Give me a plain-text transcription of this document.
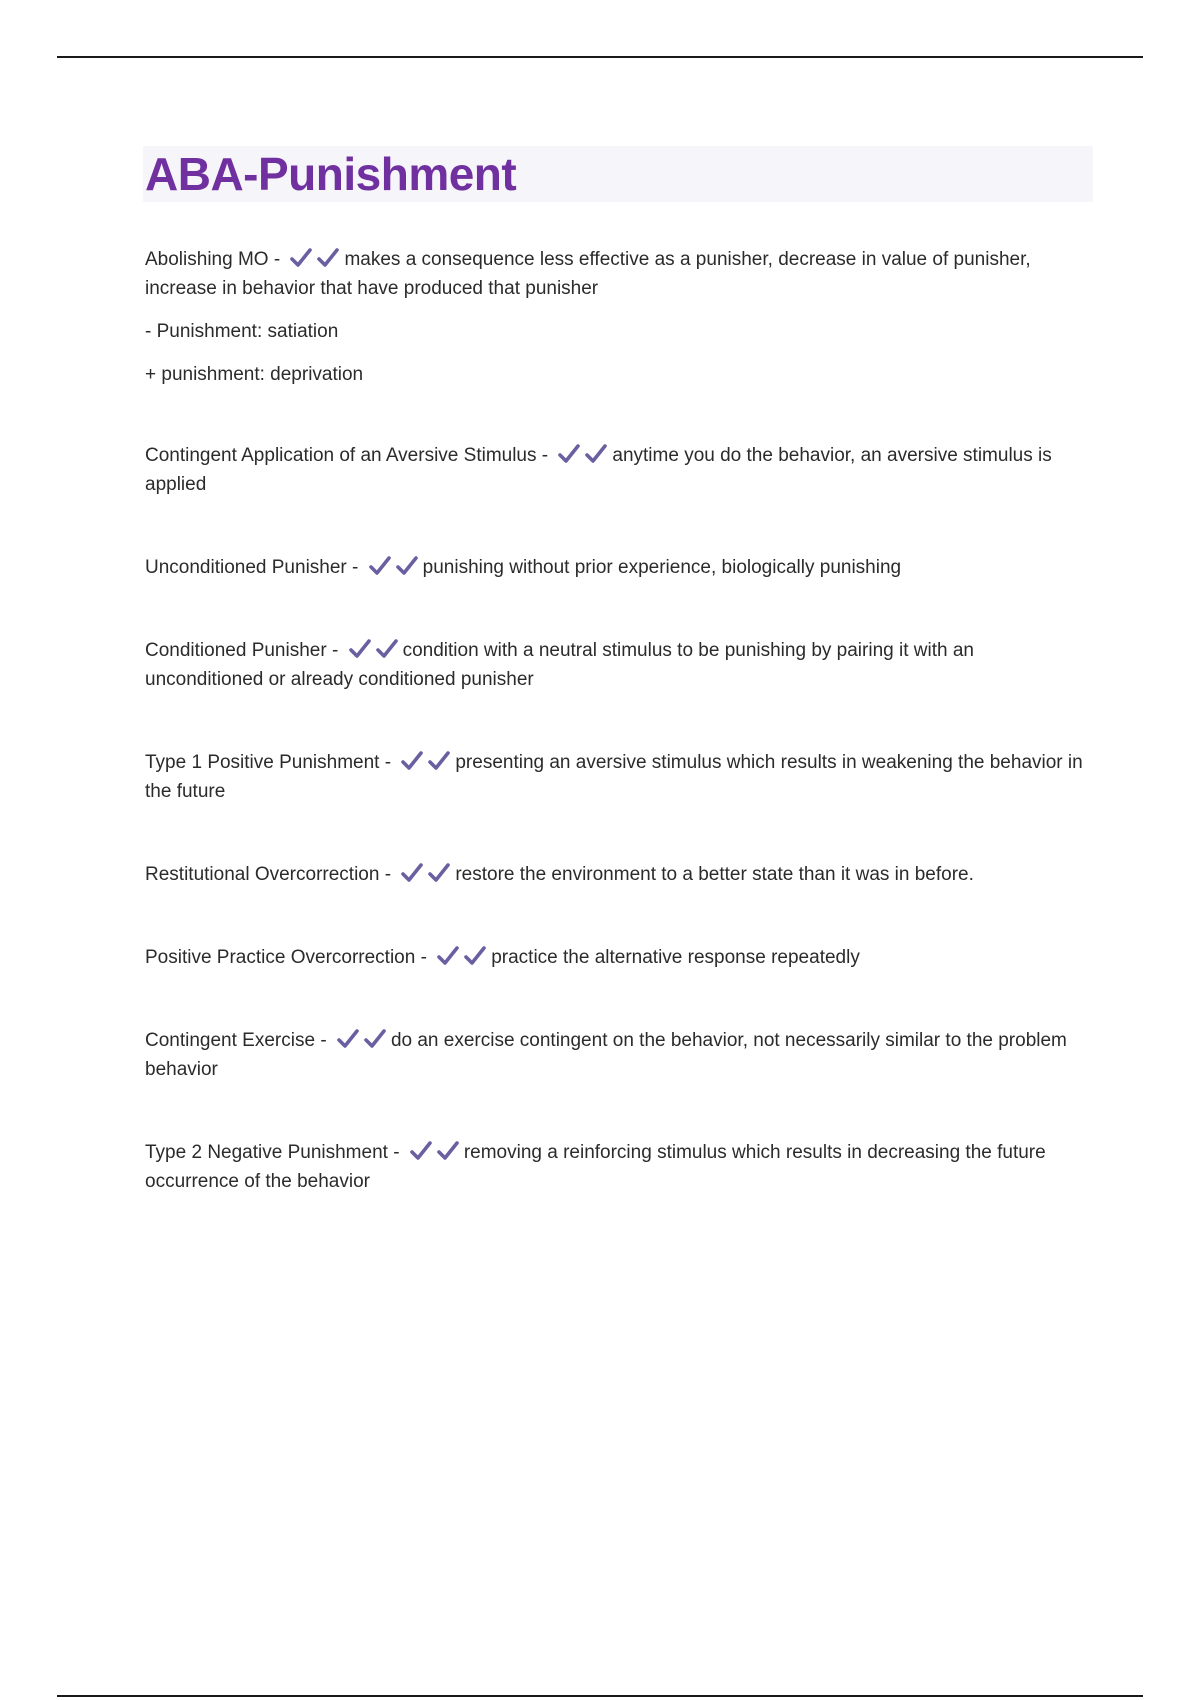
ABA-Punishment
Abolishing MO -	makes a consequence less effective as a punisher, decrease in value of punisher, increase in behavior that have produced that punisher
- Punishment: satiation
+ punishment: deprivation
Contingent Application of an Aversive Stimulus -	anytime you do the behavior, an aversive stimulus is applied
Unconditioned Punisher -	punishing without prior experience, biologically punishing
Conditioned Punisher -	condition with a neutral stimulus to be punishing by pairing it with an unconditioned or already conditioned punisher
Type 1 Positive Punishment -	presenting an aversive stimulus which results in weakening the behavior in the future
Restitutional Overcorrection -	restore the environment to a better state than it was in before.
Positive Practice Overcorrection -	practice the alternative response repeatedly
Contingent Exercise -	do an exercise contingent on the behavior, not necessarily similar to the problem behavior
Type 2 Negative Punishment -	removing a reinforcing stimulus which results in decreasing the future occurrence of the behavior
